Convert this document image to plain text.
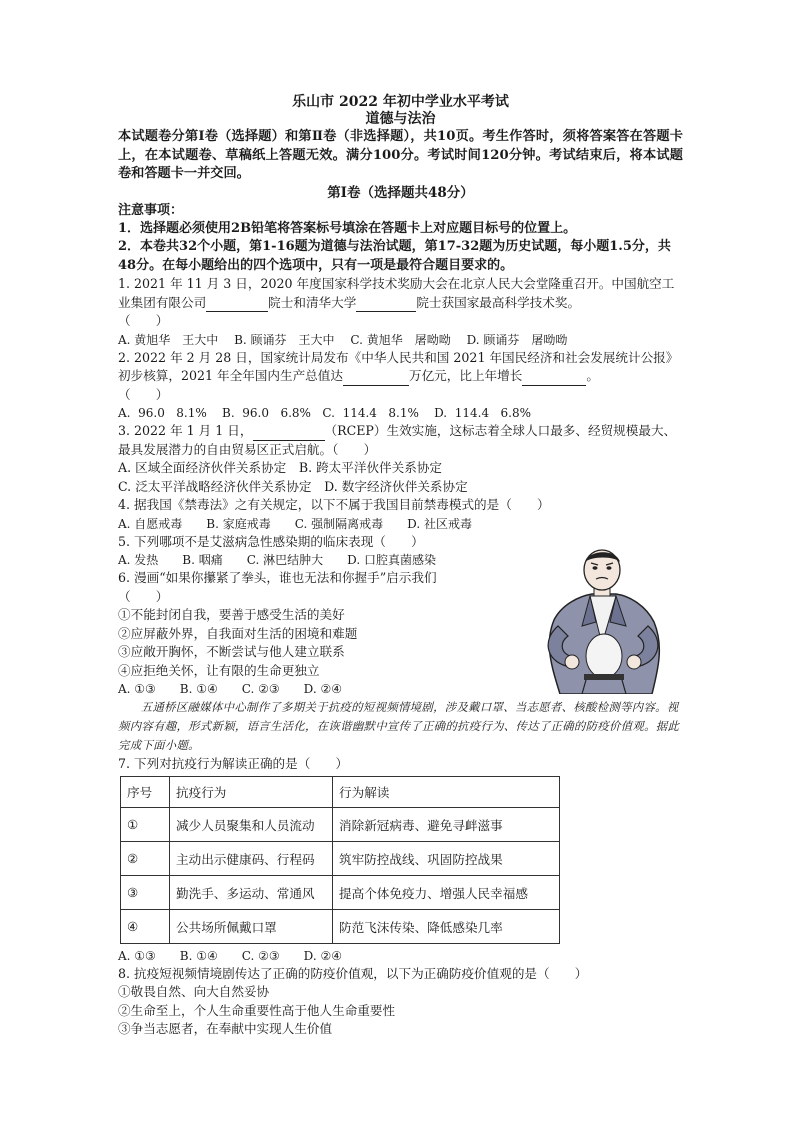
乐山市 2022 年初中学业水平考试
道德与法治
本试题卷分第Ⅰ卷（选择题）和第Ⅱ卷（非选择题），共10页。考生作答时，须将答案答在答题卡上，在本试题卷、草稿纸上答题无效。满分100分。考试时间120分钟。考试结束后，将本试题卷和答题卡一并交回。
第Ⅰ卷（选择题共48分）
注意事项：
1．选择题必须使用2B铅笔将答案标号填涂在答题卡上对应题目标号的位置上。
2．本卷共32个小题，第1-16题为道德与法治试题，第17-32题为历史试题，每小题1.5分，共48分。在每小题给出的四个选项中，只有一项是最符合题目要求的。
1. 2021 年 11 月 3 日，2020 年度国家科学技术奖励大会在北京人民大会堂隆重召开。中国航空工业集团有限公司	院士和清华大学	院士获国家最高科学技术奖。
（　　）
A. 黄旭华　王大中　 B. 顾诵芬　王大中　 C. 黄旭华　屠呦呦　 D. 顾诵芬　屠呦呦
2. 2022 年 2 月 28 日，国家统计局发布《中华人民共和国 2021 年国民经济和社会发展统计公报》初步核算，2021 年全年国内生产总值达	万亿元，比上年增长	。
（　　）
A.  96.0   8.1%    B.  96.0   6.8%   C.  114.4   8.1%    D.  114.4   6.8%
3. 2022 年 1 月 1 日，	（RCEP）生效实施，这标志着全球人口最多、经贸规模最大、最具发展潜力的自由贸易区正式启航。（　　）
A. 区域全面经济伙伴关系协定　B. 跨太平洋伙伴关系协定
C. 泛太平洋战略经济伙伴关系协定　D. 数字经济伙伴关系协定
4. 据我国《禁毒法》之有关规定，以下不属于我国目前禁毒模式的是（　　）
A. 自愿戒毒　　B. 家庭戒毒　　C. 强制隔离戒毒　　D. 社区戒毒
5. 下列哪项不是艾滋病急性感染期的临床表现（　　）
A. 发热　　B. 咽痛　　C. 淋巴结肿大　　D. 口腔真菌感染
6. 漫画“如果你攥紧了拳头，谁也无法和你握手”启示我们
（　　）
①不能封闭自我，要善于感受生活的美好
②应屏蔽外界，自我面对生活的困境和难题
③应敞开胸怀，不断尝试与他人建立联系
④应拒绝关怀，让有限的生命更独立
A. ①③　　B. ①④　　C. ②③　　D. ②④
五通桥区融媒体中心制作了多期关于抗疫的短视频情境剧，涉及戴口罩、当志愿者、核酸检测等内容。视频内容有趣，形式新颖，语言生活化，在诙谐幽默中宣传了正确的抗疫行为、传达了正确的防疫价值观。据此完成下面小题。
7. 下列对抗疫行为解读正确的是（　　）
序号	抗疫行为	行为解读
①	减少人员聚集和人员流动	消除新冠病毒、避免寻衅滋事
②	主动出示健康码、行程码	筑牢防控战线、巩固防控战果
③	勤洗手、多运动、常通风	提高个体免疫力、增强人民幸福感
④	公共场所佩戴口罩	防范飞沫传染、降低感染几率
A. ①③　　B. ①④　　C. ②③　　D. ②④
8. 抗疫短视频情境剧传达了正确的防疫价值观，以下为正确防疫价值观的是（　　）
①敬畏自然、向大自然妥协
②生命至上，个人生命重要性高于他人生命重要性
③争当志愿者，在奉献中实现人生价值
